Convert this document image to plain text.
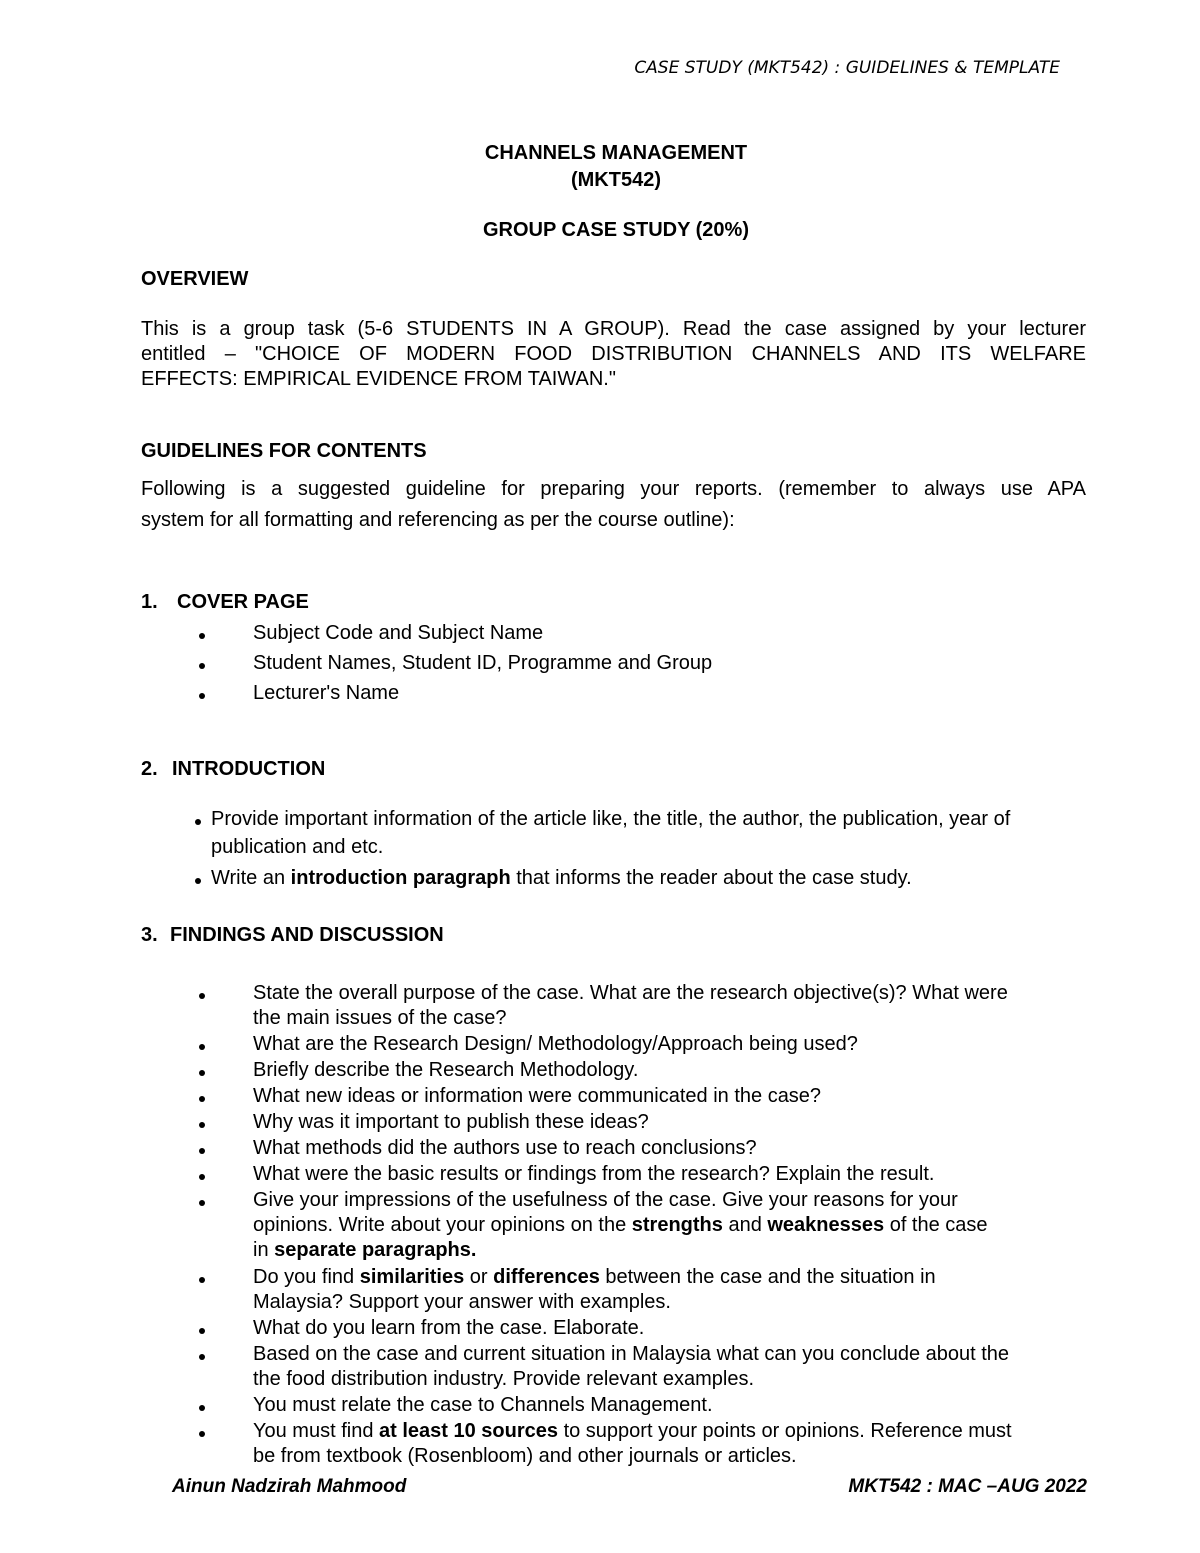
CASE STUDY (MKT542) : GUIDELINES & TEMPLATE
CHANNELS MANAGEMENT
(MKT542)
GROUP CASE STUDY (20%)
OVERVIEW
This is a group task (5-6 STUDENTS IN A GROUP). Read the case assigned by your lecturer
entitled – "CHOICE OF MODERN FOOD DISTRIBUTION CHANNELS AND ITS WELFARE
EFFECTS: EMPIRICAL EVIDENCE FROM TAIWAN."
GUIDELINES FOR CONTENTS
Following is a suggested guideline for preparing your reports. (remember to always use APA
system for all formatting and referencing as per the course outline):
1. COVER PAGE
Subject Code and Subject Name
Student Names, Student ID, Programme and Group
Lecturer's Name
2. INTRODUCTION
Provide important information of the article like, the title, the author, the publication, year of
publication and etc.
Write an introduction paragraph that informs the reader about the case study.
3. FINDINGS AND DISCUSSION
State the overall purpose of the case. What are the research objective(s)? What were
the main issues of the case?
What are the Research Design/ Methodology/Approach being used?
Briefly describe the Research Methodology.
What new ideas or information were communicated in the case?
Why was it important to publish these ideas?
What methods did the authors use to reach conclusions?
What were the basic results or findings from the research? Explain the result.
Give your impressions of the usefulness of the case. Give your reasons for your
opinions. Write about your opinions on the strengths and weaknesses of the case
in separate paragraphs.
Do you find similarities or differences between the case and the situation in
Malaysia? Support your answer with examples.
What do you learn from the case. Elaborate.
Based on the case and current situation in Malaysia what can you conclude about the
the food distribution industry. Provide relevant examples.
You must relate the case to Channels Management.
You must find at least 10 sources to support your points or opinions. Reference must
be from textbook (Rosenbloom) and other journals or articles.
Ainun Nadzirah Mahmood	MKT542 : MAC –AUG 2022
